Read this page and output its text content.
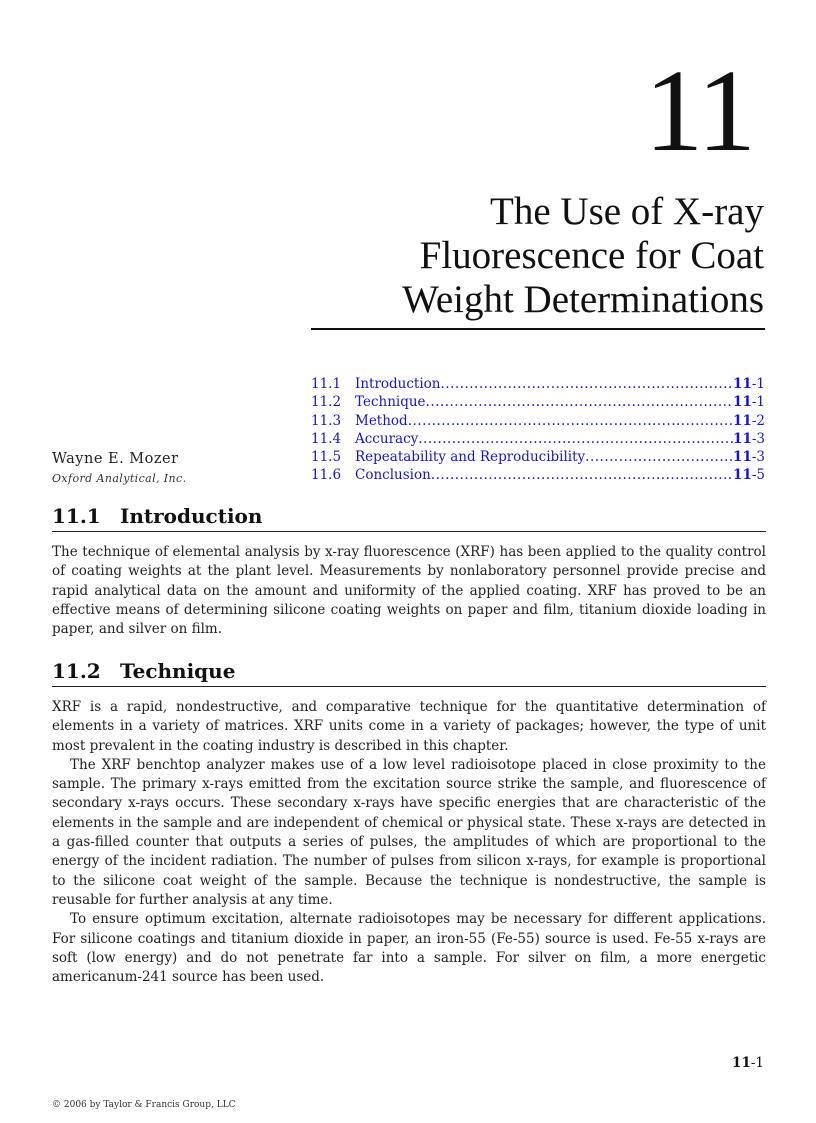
11
The Use of X-ray
Fluorescence for Coat
Weight Determinations
11.1	Introduction .....	11-1
11.2	Technique .....	11-1
11.3	Method .....	11-2
11.4	Accuracy .....	11-3
11.5	Repeatability and Reproducibility .....	11-3
11.6	Conclusion .....	11-5
Wayne E. Mozer
Oxford Analytical, Inc.
11.1 Introduction

The technique of elemental analysis by x-ray fluorescence (XRF) has been applied to the quality control of coating weights at the plant level. Measurements by nonlaboratory personnel provide precise and rapid analytical data on the amount and uniformity of the applied coating. XRF has proved to be an effective means of determining silicone coating weights on paper and film, titanium dioxide loading in paper, and silver on film.

11.2 Technique

XRF is a rapid, nondestructive, and comparative technique for the quantitative determination of elements in a variety of matrices. XRF units come in a variety of packages; however, the type of unit most prevalent in the coating industry is described in this chapter.

The XRF benchtop analyzer makes use of a low level radioisotope placed in close proximity to the sample. The primary x-rays emitted from the excitation source strike the sample, and fluorescence of secondary x-rays occurs. These secondary x-rays have specific energies that are characteristic of the elements in the sample and are independent of chemical or physical state. These x-rays are detected in a gas-filled counter that outputs a series of pulses, the amplitudes of which are proportional to the energy of the incident radiation. The number of pulses from silicon x-rays, for example is proportional to the silicone coat weight of the sample. Because the technique is nondestructive, the sample is reusable for further analysis at any time.

To ensure optimum excitation, alternate radioisotopes may be necessary for different applications. For silicone coatings and titanium dioxide in paper, an iron-55 (Fe-55) source is used. Fe-55 x-rays are soft (low energy) and do not penetrate far into a sample. For silver on film, a more energetic americanum-241 source has been used.

11-1
© 2006 by Taylor & Francis Group, LLC
